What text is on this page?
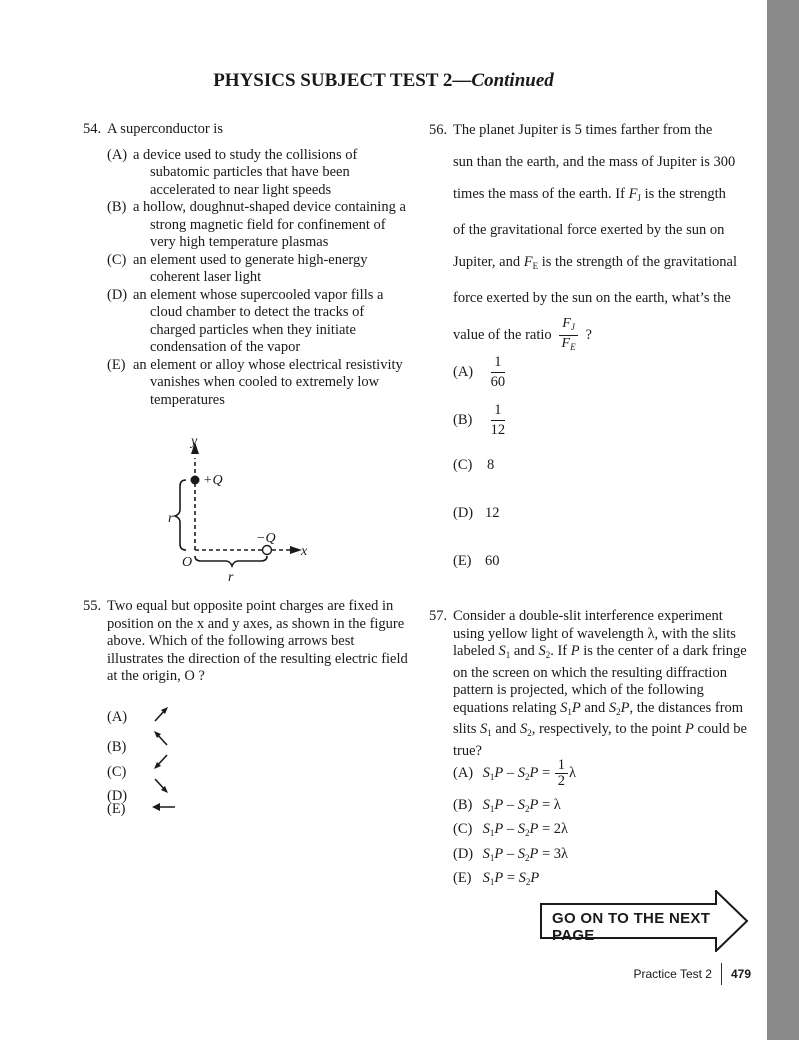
PHYSICS SUBJECT TEST 2—Continued
54. A superconductor is
(A) a device used to study the collisions of subatomic particles that have been accelerated to near light speeds
(B) a hollow, doughnut-shaped device containing a strong magnetic field for confinement of very high temperature plasmas
(C) an element used to generate high-energy coherent laser light
(D) an element whose supercooled vapor fills a cloud chamber to detect the tracks of charged particles when they initiate condensation of the vapor
(E) an element or alloy whose electrical resistivity vanishes when cooled to extremely low temperatures
y
x
O
+Q
−Q
r
r
55. Two equal but opposite point charges are fixed in position on the x and y axes, as shown in the figure above. Which of the following arrows best illustrates the direction of the resulting electric field at the origin, O ?
(A)
(B)
(C)
(D)
(E)
56. The planet Jupiter is 5 times farther from the

sun than the earth, and the mass of Jupiter is 300

times the mass of the earth. If $F_J$ is the strength

of the gravitational force exerted by the sun on

Jupiter, and $F_E$ is the strength of the gravitational

force exerted by the sun on the earth, what’s the

value of the ratio $\frac{F_J}{F_E}$ ?
$(A) \frac{1}{60}$
$(B) \frac{1}{12}$
(C) 8
(D) 12
(E) 60
57. Consider a double-slit interference experiment using yellow light of wavelength λ, with the slits labeled $S_1$ and $S_2$. If P is the center of a dark fringe on the screen on which the resulting diffraction pattern is projected, which of the following equations relating $S_1P$ and $S_2P$, the distances from slits $S_1$ and $S_2$, respectively, to the point P could be true?
(A) $S_1P - S_2P = \frac{1}{2}$ λ
(B) $S_1P - S_2P = \lambda$
(C) $S_1P - S_2P = 2\lambda$
(D) $S_1P - S_2P = 3\lambda$
(E) $S_1P = S_2P$
GO ON TO THE NEXT PAGE
Practice Test 2 479
